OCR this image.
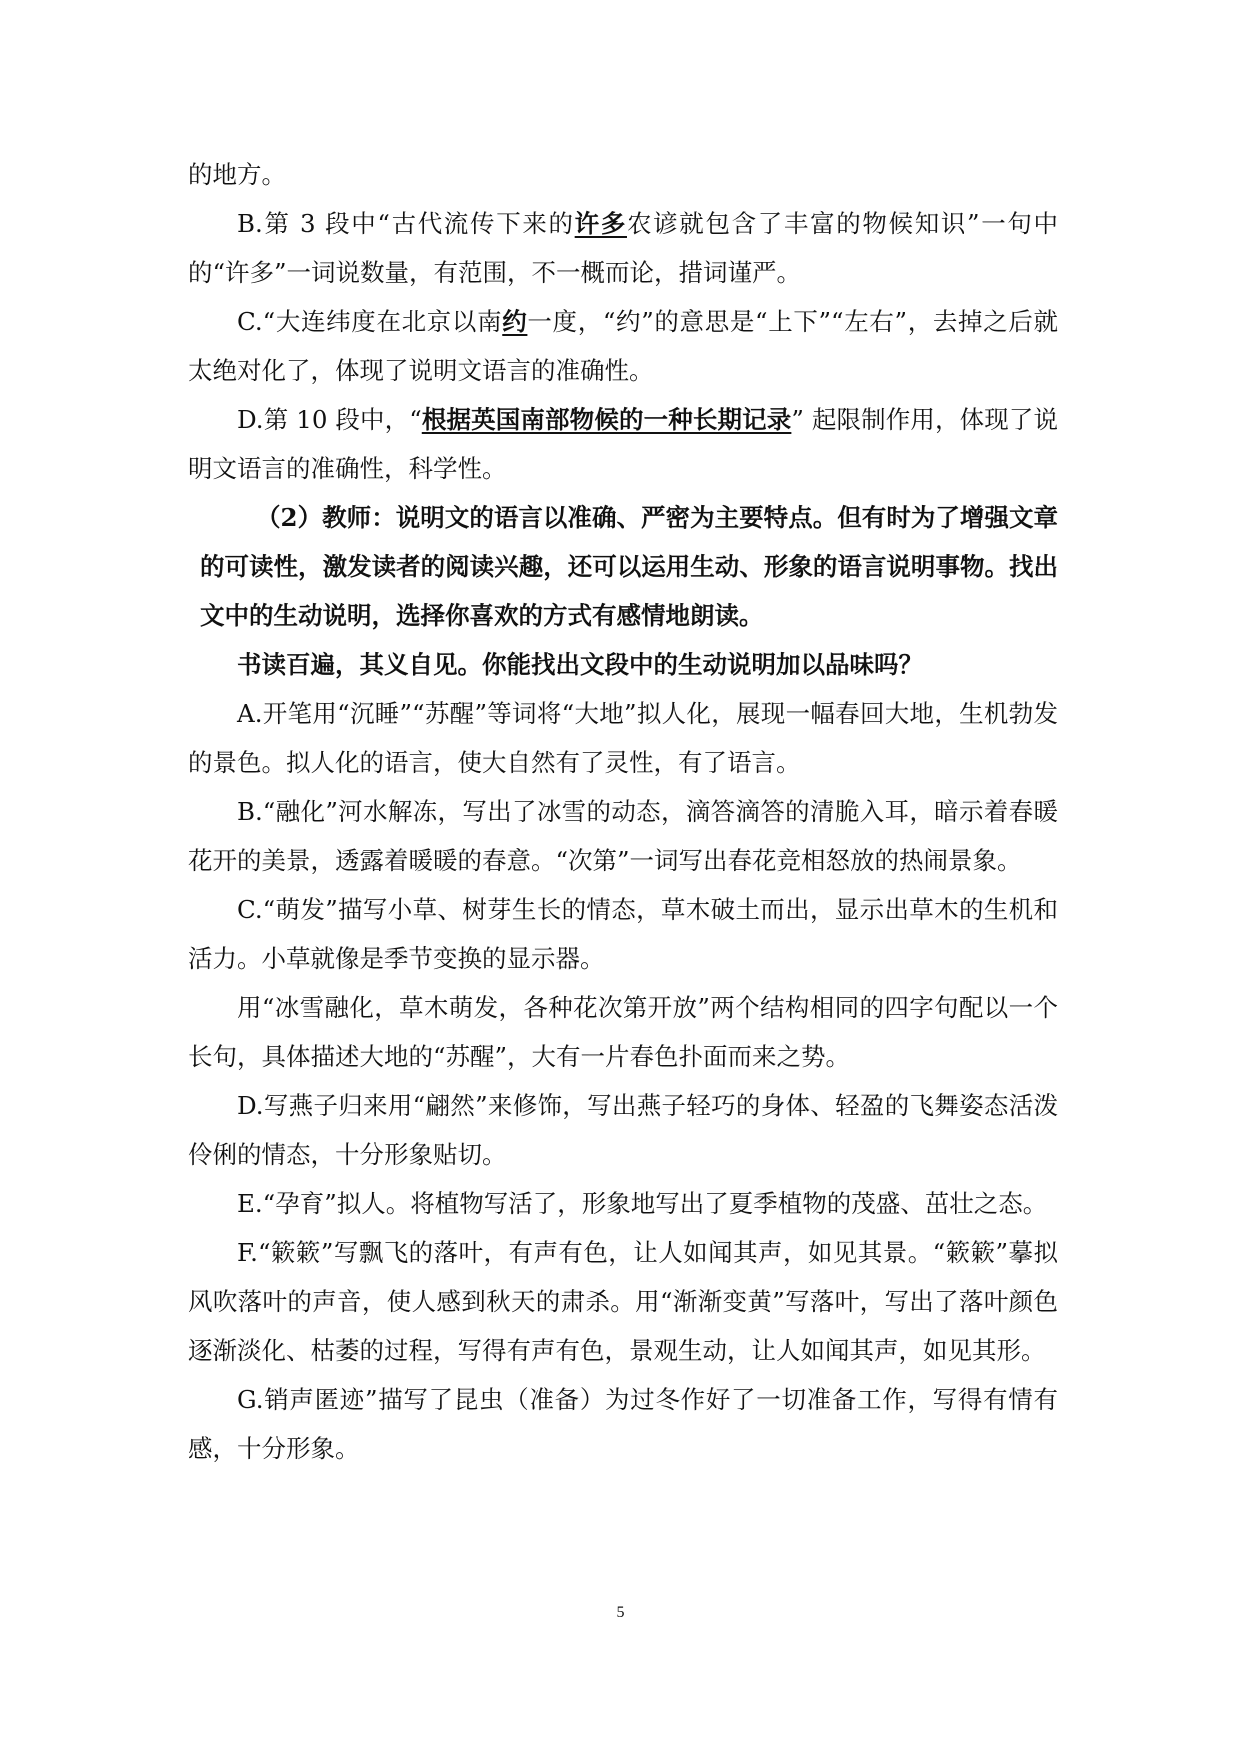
的地方。

B.第 3 段中“古代流传下来的许多农谚就包含了丰富的物候知识”一句中的“许多”一词说数量，有范围，不一概而论，措词谨严。

C.“大连纬度在北京以南约一度，“约”的意思是“上下”“左右”，去掉之后就太绝对化了，体现了说明文语言的准确性。

D.第 10 段中，“根据英国南部物候的一种长期记录” 起限制作用，体现了说明文语言的准确性，科学性。

（2）教师：说明文的语言以准确、严密为主要特点。但有时为了增强文章的可读性，激发读者的阅读兴趣，还可以运用生动、形象的语言说明事物。找出文中的生动说明，选择你喜欢的方式有感情地朗读。

书读百遍，其义自见。你能找出文段中的生动说明加以品味吗？

A.开笔用“沉睡”“苏醒”等词将“大地”拟人化，展现一幅春回大地，生机勃发的景色。拟人化的语言，使大自然有了灵性，有了语言。

B.“融化”河水解冻，写出了冰雪的动态，滴答滴答的清脆入耳，暗示着春暖花开的美景，透露着暖暖的春意。“次第”一词写出春花竞相怒放的热闹景象。

C.“萌发”描写小草、树芽生长的情态，草木破土而出，显示出草木的生机和活力。小草就像是季节变换的显示器。

用“冰雪融化，草木萌发，各种花次第开放”两个结构相同的四字句配以一个长句，具体描述大地的“苏醒”，大有一片春色扑面而来之势。

D.写燕子归来用“翩然”来修饰，写出燕子轻巧的身体、轻盈的飞舞姿态活泼伶俐的情态，十分形象贴切。

E.“孕育”拟人。将植物写活了，形象地写出了夏季植物的茂盛、茁壮之态。

F.“簌簌”写飘飞的落叶，有声有色，让人如闻其声，如见其景。“簌簌”摹拟风吹落叶的声音，使人感到秋天的肃杀。用“渐渐变黄”写落叶，写出了落叶颜色逐渐淡化、枯萎的过程，写得有声有色，景观生动，让人如闻其声，如见其形。

G.销声匿迹”描写了昆虫（准备）为过冬作好了一切准备工作，写得有情有感，十分形象。

5
